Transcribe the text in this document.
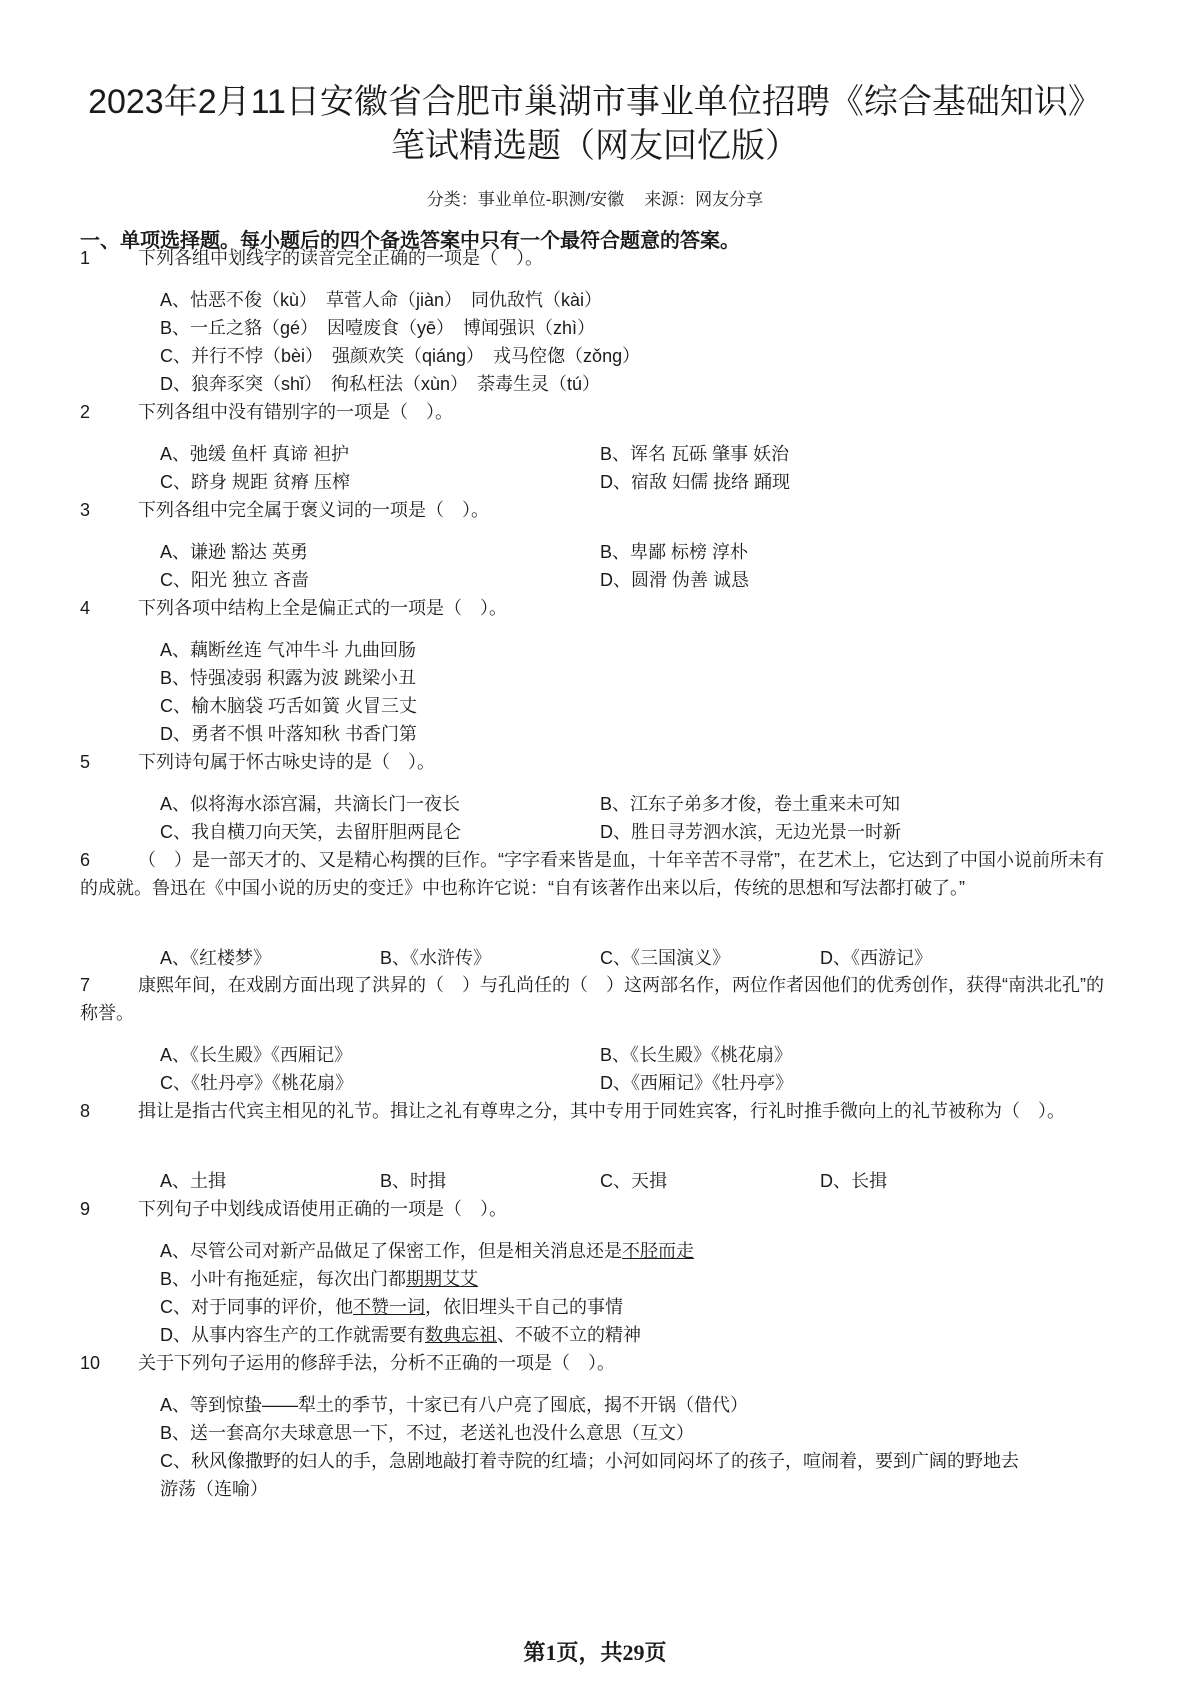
2023年2月11日安徽省合肥市巢湖市事业单位招聘《综合基础知识》笔试精选题（网友回忆版）
分类：事业单位-职测/安徽 来源：网友分享
一、单项选择题。每小题后的四个备选答案中只有一个最符合题意的答案。
1	下列各组中划线字的读音完全正确的一项是（　）。
A、怙恶不俊（kù）　草菅人命（jiàn）　同仇敌忾（kài）
B、一丘之貉（gé）　因噎废食（yē）　博闻强识（zhì）
C、并行不悖（bèi）　强颜欢笑（qiáng）　戎马倥偬（zǒng）
D、狼奔豕突（shǐ）　徇私枉法（xùn）　荼毒生灵（tú）
2	下列各组中没有错别字的一项是（　）。
A、弛缓 鱼杆 真谛 袒护	B、诨名 瓦砾 肇事 妖治
C、跻身 规距 贫瘠 压榨	D、宿敌 妇儒 拢络 踊现
3	下列各组中完全属于褒义词的一项是（　）。
A、谦逊 豁达 英勇	B、卑鄙 标榜 淳朴
C、阳光 独立 吝啬	D、圆滑 伪善 诚恳
4	下列各项中结构上全是偏正式的一项是（　）。
A、藕断丝连 气冲牛斗 九曲回肠
B、恃强凌弱 积露为波 跳梁小丑
C、榆木脑袋 巧舌如簧 火冒三丈
D、勇者不惧 叶落知秋 书香门第
5	下列诗句属于怀古咏史诗的是（　）。
A、似将海水添宫漏，共滴长门一夜长	B、江东子弟多才俊，卷土重来未可知
C、我自横刀向天笑，去留肝胆两昆仑	D、胜日寻芳泗水滨，无边光景一时新
6	（　）是一部天才的、又是精心构撰的巨作。“字字看来皆是血，十年辛苦不寻常”，在艺术上，它达到了中国小说前所未有的成就。鲁迅在《中国小说的历史的变迁》中也称许它说：“自有该著作出来以后，传统的思想和写法都打破了。”
A、《红楼梦》	B、《水浒传》	C、《三国演义》	D、《西游记》
7	康熙年间，在戏剧方面出现了洪昇的（　）与孔尚任的（　）这两部名作，两位作者因他们的优秀创作，获得“南洪北孔”的称誉。
A、《长生殿》《西厢记》	B、《长生殿》《桃花扇》
C、《牡丹亭》《桃花扇》	D、《西厢记》《牡丹亭》
8	揖让是指古代宾主相见的礼节。揖让之礼有尊卑之分，其中专用于同姓宾客，行礼时推手微向上的礼节被称为（　）。
A、土揖	B、时揖	C、天揖	D、长揖
9	下列句子中划线成语使用正确的一项是（　）。
A、尽管公司对新产品做足了保密工作，但是相关消息还是不胫而走
B、小叶有拖延症，每次出门都期期艾艾
C、对于同事的评价，他不赞一词，依旧埋头干自己的事情
D、从事内容生产的工作就需要有数典忘祖、不破不立的精神
10 关于下列句子运用的修辞手法，分析不正确的一项是（　）。
A、等到惊蛰——犁土的季节，十家已有八户亮了囤底，揭不开锅（借代）
B、送一套高尔夫球意思一下，不过，老送礼也没什么意思（互文）
C、秋风像撒野的妇人的手，急剧地敲打着寺院的红墙；小河如同闷坏了的孩子，喧闹着，要到广阔的野地去游荡（连喻）
第1页，共29页
